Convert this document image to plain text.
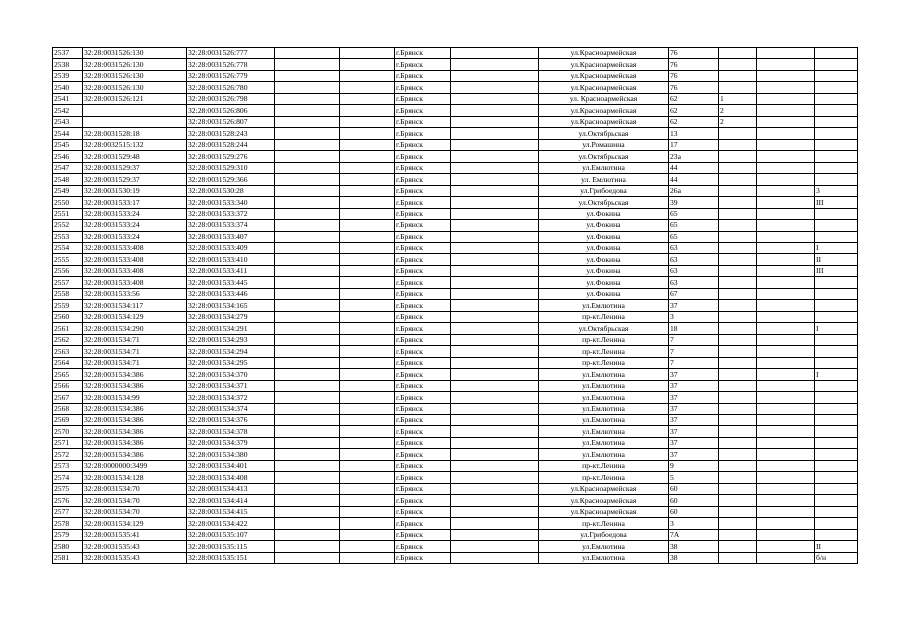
2537	32:28:0031526:130	32:28:0031526:777			г.Брянск		ул.Красноармейская	76			
2538	32:28:0031526:130	32:28:0031526:778			г.Брянск		ул.Красноармейская	76			
2539	32:28:0031526:130	32:28:0031526:779			г.Брянск		ул.Красноармейская	76			
2540	32:28:0031526:130	32:28:0031526:780			г.Брянск		ул.Красноармейская	76			
2541	32:28:0031526:121	32:28:0031526:798			г.Брянск		ул. Красноармейская	62	1		
2542		32:28:0031526:806			г.Брянск		ул.Красноармейская	62	2		
2543		32:28:0031526:807			г.Брянск		ул.Красноармейская	62	2		
2544	32:28:0031528:18	32:28:0031528:243			г.Брянск		ул.Октябрьская	13			
2545	32:28:0032515:132	32:28:0031528:244			г.Брянск		ул.Ромашина	17			
2546	32:28:0031529:48	32:28:0031529:276			г.Брянск		ул.Октябрьская	23а			
2547	32:28:0031529:37	32:28:0031529:310			г.Брянск		ул.Емлютина	44			
2548	32:28:0031529:37	32:28:0031529:366			г.Брянск		ул. Емлютина	44			
2549	32:28:0031530:19	32:28:0031530:28			г.Брянск		ул.Грибоедова	26а			3
2550	32:28:0031533:17	32:28:0031533:340			г.Брянск		ул.Октябрьская	39			III
2551	32:28:0031533:24	32:28:0031533:372			г.Брянск		ул.Фокина	65			
2552	32:28:0031533:24	32:28:0031533:374			г.Брянск		ул.Фокина	65			
2553	32:28:0031533:24	32:28:0031533:407			г.Брянск		ул.Фокина	65			
2554	32:28:0031533:408	32:28:0031533:409			г.Брянск		ул.Фокина	63			I
2555	32:28:0031533:408	32:28:0031533:410			г.Брянск		ул.Фокина	63			II
2556	32:28:0031533:408	32:28:0031533:411			г.Брянск		ул.Фокина	63			III
2557	32:28:0031533:408	32:28:0031533:445			г.Брянск		ул.Фокина	63			
2558	32:28:0031533:56	32:28:0031533:446			г.Брянск		ул.Фокина	67			
2559	32:28:0031534:117	32:28:0031534:165			г.Брянск		ул.Емлютина	37			
2560	32:28:0031534:129	32:28:0031534:279			г.Брянск		пр-кт.Ленина	3			
2561	32:28:0031534:290	32:28:0031534:291			г.Брянск		ул.Октябрьская	18			I
2562	32:28:0031534:71	32:28:0031534:293			г.Брянск		пр-кт.Ленина	7			
2563	32:28:0031534:71	32:28:0031534:294			г.Брянск		пр-кт.Ленина	7			
2564	32:28:0031534:71	32:28:0031534:295			г.Брянск		пр-кт.Ленина	7			
2565	32:28:0031534:386	32:28:0031534:370			г.Брянск		ул.Емлютина	37			I
2566	32:28:0031534:386	32:28:0031534:371			г.Брянск		ул.Емлютина	37			
2567	32:28:0031534:99	32:28:0031534:372			г.Брянск		ул.Емлютина	37			
2568	32:28:0031534:386	32:28:0031534:374			г.Брянск		ул.Емлютина	37			
2569	32:28:0031534:386	32:28:0031534:376			г.Брянск		ул.Емлютина	37			
2570	32:28:0031534:386	32:28:0031534:378			г.Брянск		ул.Емлютина	37			
2571	32:28:0031534:386	32:28:0031534:379			г.Брянск		ул.Емлютина	37			
2572	32:28:0031534:386	32:28:0031534:380			г.Брянск		ул.Емлютина	37			
2573	32:28:0000000:3499	32:28:0031534:401			г.Брянск		пр-кт.Ленина	9			
2574	32:28:0031534:128	32:28:0031534:408			г.Брянск		пр-кт.Ленина	5			
2575	32:28:0031534:70	32:28:0031534:413			г.Брянск		ул.Красноармейская	60			
2576	32:28:0031534:70	32:28:0031534:414			г.Брянск		ул.Красноармейская	60			
2577	32:28:0031534:70	32:28:0031534:415			г.Брянск		ул.Красноармейская	60			
2578	32:28:0031534:129	32:28:0031534:422			г.Брянск		пр-кт.Ленина	3			
2579	32:28:0031535:41	32:28:0031535:107			г.Брянск		ул.Грибоедова	7А			
2580	32:28:0031535:43	32:28:0031535:115			г.Брянск		ул.Емлютина	38			II
2581	32:28:0031535:43	32:28:0031535:151			г.Брянск		ул.Емлютина	38			б/н
